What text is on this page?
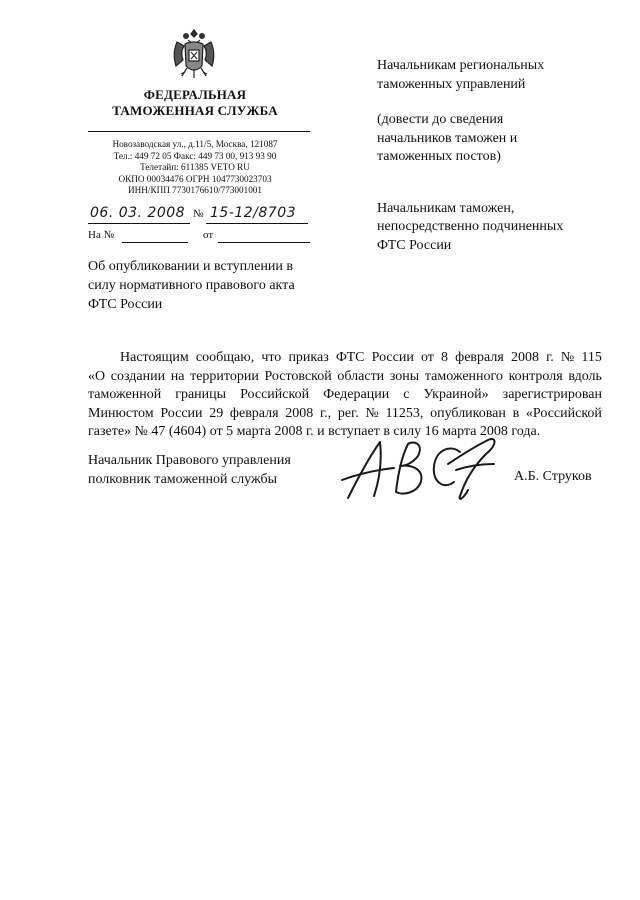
ФЕДЕРАЛЬНАЯ
ТАМОЖЕННАЯ СЛУЖБА
Новозаводская ул., д.11/5, Москва, 121087
Тел.: 449 72 05 Факс: 449 73 00, 913 93 90
Телетайп: 611385 VETO RU
ОКПО 00034476 ОГРН 1047730023703
ИНН/КПП 7730176610/773001001
06. 03. 2008 № 15-12/8703
На №	от
Об опубликовании и вступлении в
силу нормативного правового акта
ФТС России
Начальникам региональных
таможенных управлений
(довести до сведения
начальников таможен и
таможенных постов)
Начальникам таможен,
непосредственно подчиненных
ФТС России
Настоящим сообщаю, что приказ ФТС России от 8 февраля 2008 г. № 115
«О создании на территории Ростовской области зоны таможенного контроля вдоль
таможенной границы Российской Федерации с Украиной» зарегистрирован
Минюстом России 29 февраля 2008 г., рег. № 11253, опубликован в «Российской
газете» № 47 (4604) от 5 марта 2008 г. и вступает в силу 16 марта 2008 года.
Начальник Правового управления
полковник таможенной службы	А.Б. Струков
